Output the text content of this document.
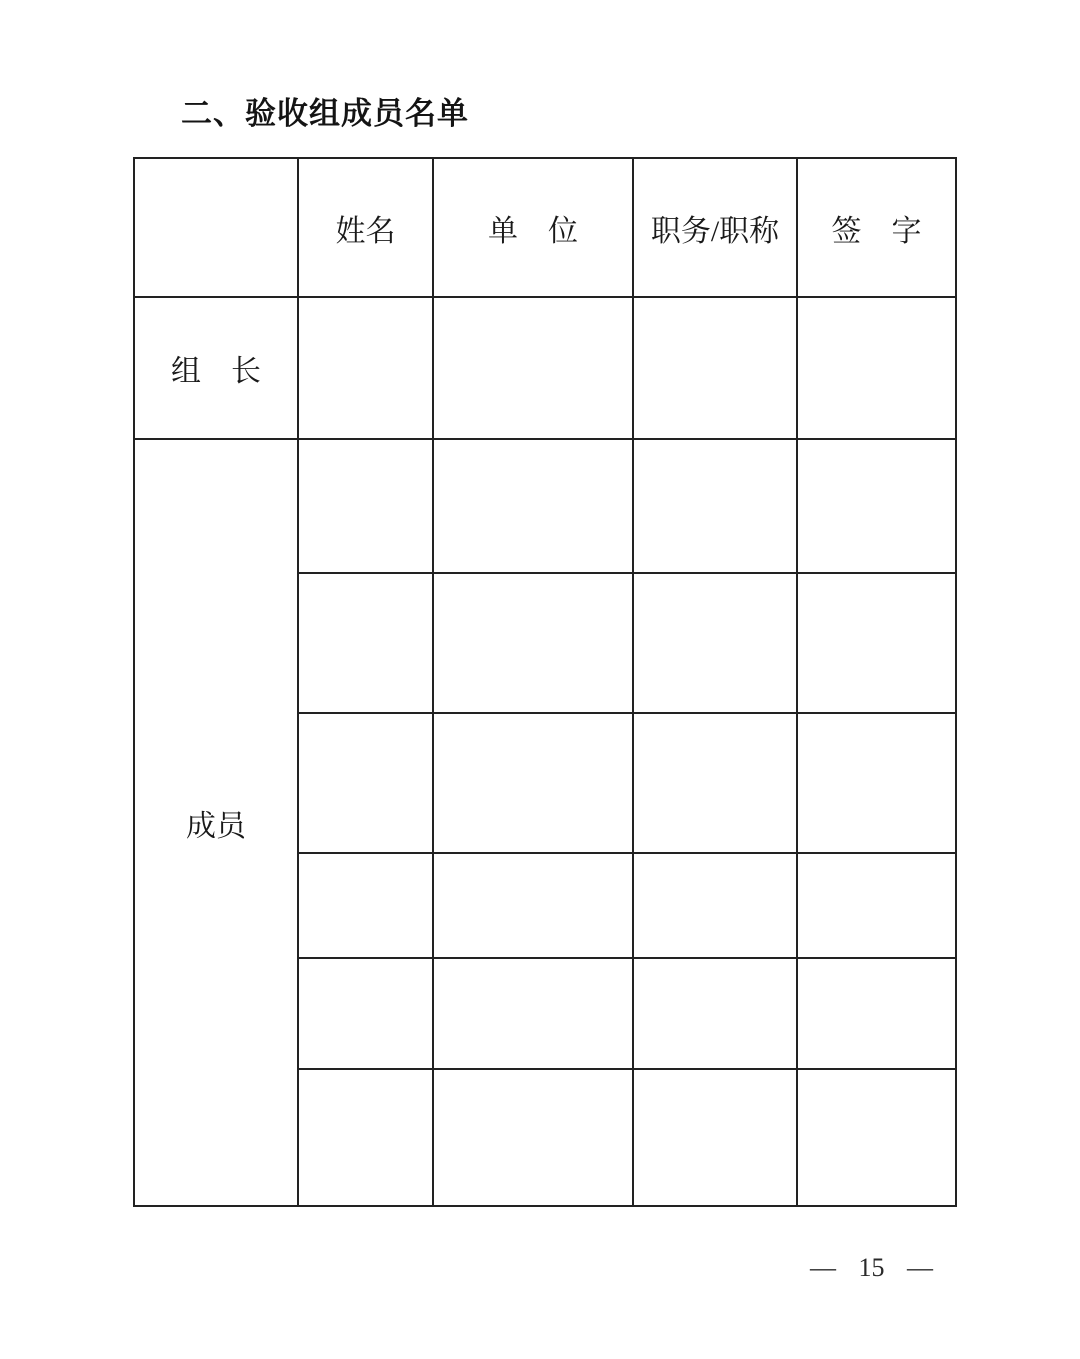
二、验收组成员名单
	姓名	单　位	职务/职称	签　字
组　长				
成员				

— 15 —
